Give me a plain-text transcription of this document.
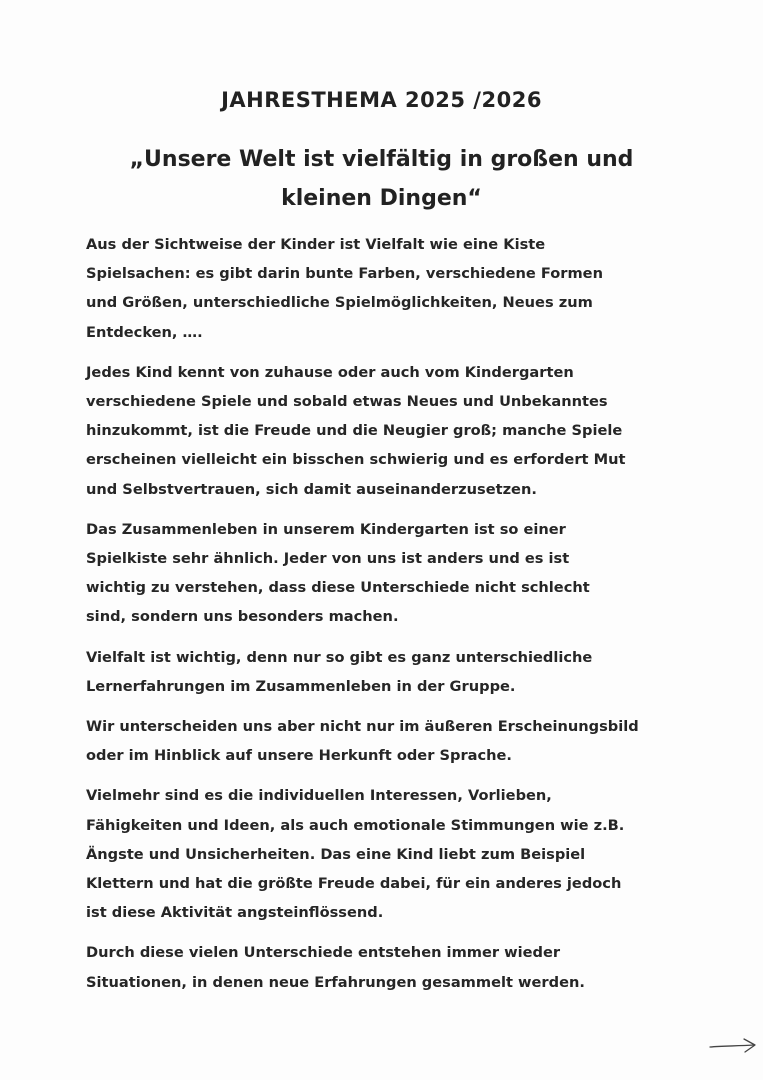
JAHRESTHEMA 2025 /2026
„Unsere Welt ist vielfältig in großen und
kleinen Dingen“

Aus der Sichtweise der Kinder ist Vielfalt wie eine Kiste
Spielsachen: es gibt darin bunte Farben, verschiedene Formen
und Größen, unterschiedliche Spielmöglichkeiten, Neues zum
Entdecken, ….

Jedes Kind kennt von zuhause oder auch vom Kindergarten
verschiedene Spiele und sobald etwas Neues und Unbekanntes
hinzukommt, ist die Freude und die Neugier groß; manche Spiele
erscheinen vielleicht ein bisschen schwierig und es erfordert Mut
und Selbstvertrauen, sich damit auseinanderzusetzen.

Das Zusammenleben in unserem Kindergarten ist so einer
Spielkiste sehr ähnlich. Jeder von uns ist anders und es ist
wichtig zu verstehen, dass diese Unterschiede nicht schlecht
sind, sondern uns besonders machen.

Vielfalt ist wichtig, denn nur so gibt es ganz unterschiedliche
Lernerfahrungen im Zusammenleben in der Gruppe.

Wir unterscheiden uns aber nicht nur im äußeren Erscheinungsbild
oder im Hinblick auf unsere Herkunft oder Sprache.

Vielmehr sind es die individuellen Interessen, Vorlieben,
Fähigkeiten und Ideen, als auch emotionale Stimmungen wie z.B.
Ängste und Unsicherheiten. Das eine Kind liebt zum Beispiel
Klettern und hat die größte Freude dabei, für ein anderes jedoch
ist diese Aktivität angsteinflössend.

Durch diese vielen Unterschiede entstehen immer wieder
Situationen, in denen neue Erfahrungen gesammelt werden.
